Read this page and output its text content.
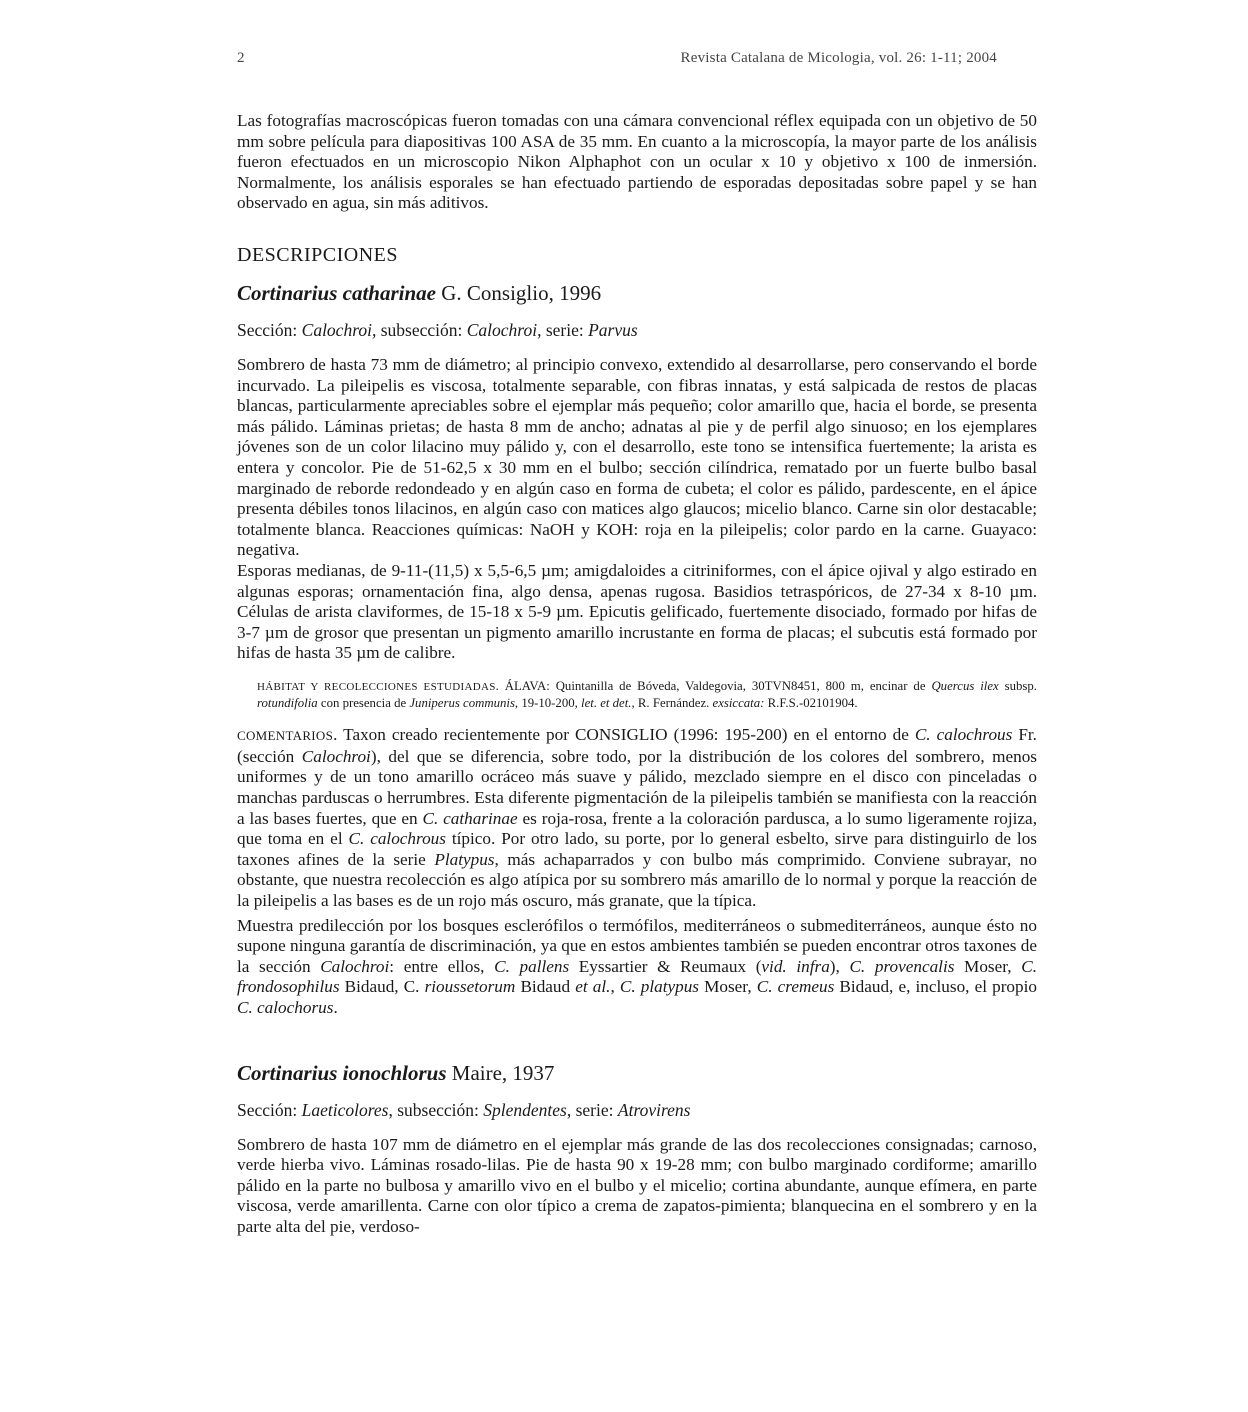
2	Revista Catalana de Micologia, vol. 26: 1-11; 2004

Las fotografías macroscópicas fueron tomadas con una cámara convencional réflex equipada con un objetivo de 50 mm sobre película para diapositivas 100 ASA de 35 mm. En cuanto a la microscopía, la mayor parte de los análisis fueron efectuados en un microscopio Nikon Alphaphot con un ocular x 10 y objetivo x 100 de inmersión. Normalmente, los análisis esporales se han efectuado partiendo de esporadas depositadas sobre papel y se han observado en agua, sin más aditivos.

DESCRIPCIONES

Cortinarius catharinae G. Consiglio, 1996

Sección: Calochroi, subsección: Calochroi, serie: Parvus

Sombrero de hasta 73 mm de diámetro; al principio convexo, extendido al desarrollarse, pero conservando el borde incurvado. La pileipelis es viscosa, totalmente separable, con fibras innatas, y está salpicada de restos de placas blancas, particularmente apreciables sobre el ejemplar más pequeño; color amarillo que, hacia el borde, se presenta más pálido. Láminas prietas; de hasta 8 mm de ancho; adnatas al pie y de perfil algo sinuoso; en los ejemplares jóvenes son de un color lilacino muy pálido y, con el desarrollo, este tono se intensifica fuertemente; la arista es entera y concolor. Pie de 51-62,5 x 30 mm en el bulbo; sección cilíndrica, rematado por un fuerte bulbo basal marginado de reborde redondeado y en algún caso en forma de cubeta; el color es pálido, pardescente, en el ápice presenta débiles tonos lilacinos, en algún caso con matices algo glaucos; micelio blanco. Carne sin olor destacable; totalmente blanca. Reacciones químicas: NaOH y KOH: roja en la pileipelis; color pardo en la carne. Guayaco: negativa.

Esporas medianas, de 9-11-(11,5) x 5,5-6,5 µm; amigdaloides a citriniformes, con el ápice ojival y algo estirado en algunas esporas; ornamentación fina, algo densa, apenas rugosa. Basidios tetraspóricos, de 27-34 x 8-10 µm. Células de arista claviformes, de 15-18 x 5-9 µm. Epicutis gelificado, fuertemente disociado, formado por hifas de 3-7 µm de grosor que presentan un pigmento amarillo incrustante en forma de placas; el subcutis está formado por hifas de hasta 35 µm de calibre.

HÁBITAT Y RECOLECCIONES ESTUDIADAS. ÁLAVA: Quintanilla de Bóveda, Valdegovia, 30TVN8451, 800 m, encinar de Quercus ilex subsp. rotundifolia con presencia de Juniperus communis, 19-10-200, let. et det., R. Fernández. exsiccata: R.F.S.-02101904.

COMENTARIOS. Taxon creado recientemente por CONSIGLIO (1996: 195-200) en el entorno de C. calochrous Fr. (sección Calochroi), del que se diferencia, sobre todo, por la distribución de los colores del sombrero, menos uniformes y de un tono amarillo ocráceo más suave y pálido, mezclado siempre en el disco con pinceladas o manchas parduscas o herrumbres. Esta diferente pigmentación de la pileipelis también se manifiesta con la reacción a las bases fuertes, que en C. catharinae es roja-rosa, frente a la coloración parduscа, a lo sumo ligeramente rojiza, que toma en el C. calochrous típico. Por otro lado, su porte, por lo general esbelto, sirve para distinguirlo de los taxones afines de la serie Platypus, más achaparrados y con bulbo más comprimido. Conviene subrayar, no obstante, que nuestra recolección es algo atípica por su sombrero más amarillo de lo normal y porque la reacción de la pileipelis a las bases es de un rojo más oscuro, más granate, que la típica.

Muestra predilección por los bosques esclerófilos o termófilos, mediterráneos o submediterráneos, aunque ésto no supone ninguna garantía de discriminación, ya que en estos ambientes también se pueden encontrar otros taxones de la sección Calochroi: entre ellos, C. pallens Eyssartier & Reumaux (vid. infra), C. provencalis Moser, C. frondosophilus Bidaud, C. rioussetorum Bidaud et al., C. platypus Moser, C. cremeus Bidaud, e, incluso, el propio C. calochorus.

Cortinarius ionochlorus Maire, 1937

Sección: Laeticolores, subsección: Splendentes, serie: Atrovirens

Sombrero de hasta 107 mm de diámetro en el ejemplar más grande de las dos recolecciones consignadas; carnoso, verde hierba vivo. Láminas rosado-lilas. Pie de hasta 90 x 19-28 mm; con bulbo marginado cordiforme; amarillo pálido en la parte no bulbosa y amarillo vivo en el bulbo y el micelio; cortina abundante, aunque efímera, en parte viscosa, verde amarillenta. Carne con olor típico a crema de zapatos-pimienta; blanquecina en el sombrero y en la parte alta del pie, verdoso-
